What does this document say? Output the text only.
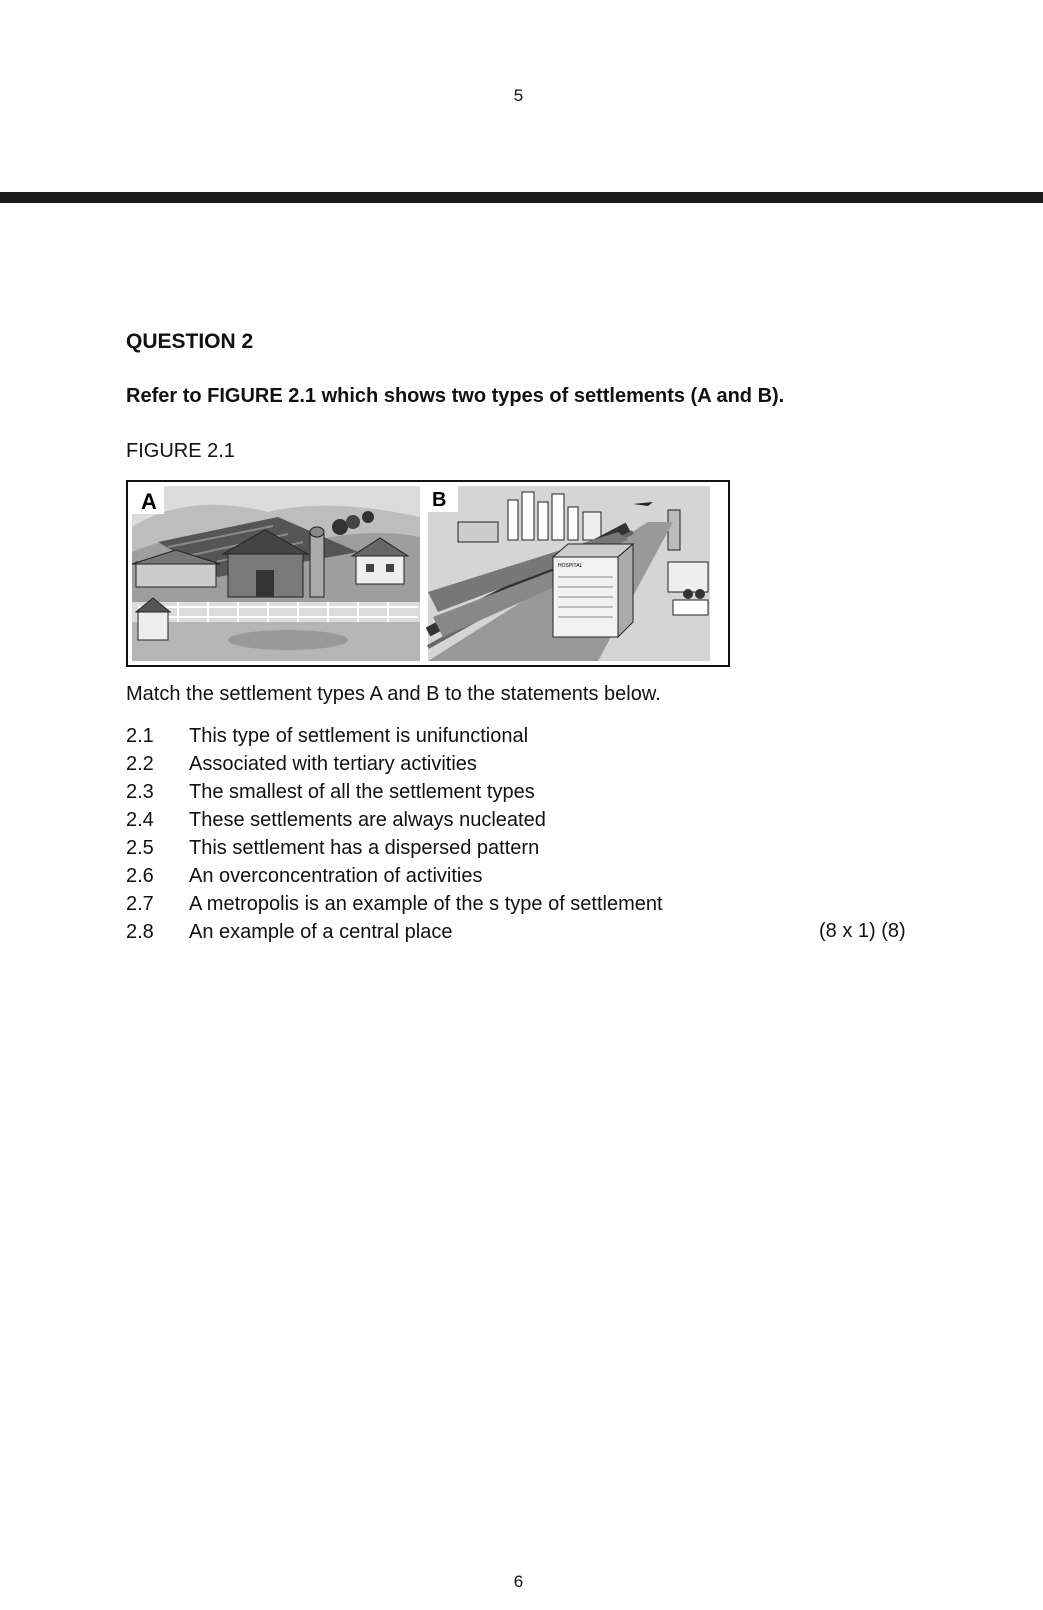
5
QUESTION 2
Refer to FIGURE 2.1 which shows two types of settlements (A and B).
FIGURE 2.1
A
HOSPITAL
B
Match the settlement types A and B to the statements below.
2.1 This type of settlement is unifunctional
2.2 Associated with tertiary activities
2.3 The smallest of all the settlement types
2.4 These settlements are always nucleated
2.5 This settlement has a dispersed pattern
2.6 An overconcentration of activities
2.7 A metropolis is an example of the s type of settlement
2.8 An example of a central place	(8 x 1) (8)
6
